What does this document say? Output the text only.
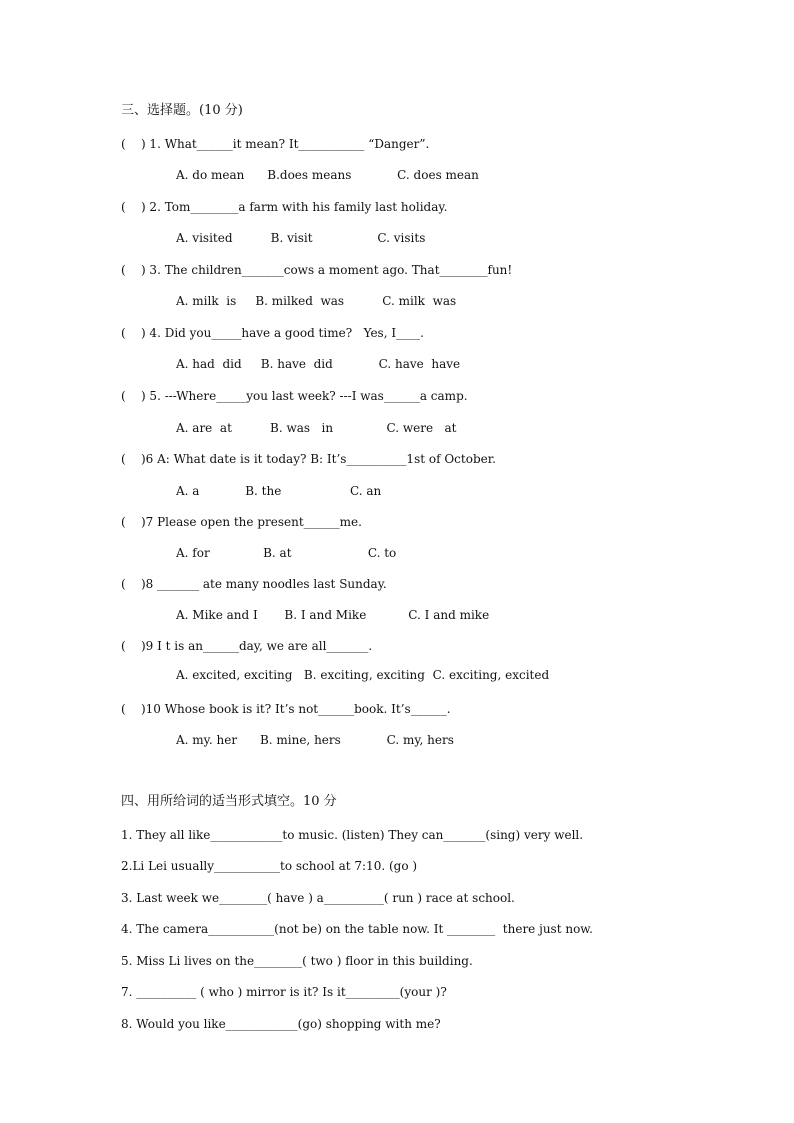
三、选择题。(10 分)
(    ) 1. What______it mean? It___________ “Danger”.
A. do mean      B.does means            C. does mean
(    ) 2. Tom________a farm with his family last holiday.
A. visited          B. visit                 C. visits
(    ) 3. The children_______cows a moment ago. That________fun!
A. milk  is     B. milked  was          C. milk  was
(    ) 4. Did you_____have a good time?   Yes, I____.
A. had  did     B. have  did            C. have  have
(    ) 5. ---Where_____you last week? ---I was______a camp.
A. are  at          B. was   in              C. were   at
(    )6 A: What date is it today? B: It’s__________1st of October.
A. a            B. the                  C. an
(    )7 Please open the present______me.
A. for              B. at                    C. to
(    )8 _______ ate many noodles last Sunday.
A. Mike and I       B. I and Mike           C. I and mike
(    )9 I t is an______day, we are all_______.
A. excited, exciting   B. exciting, exciting  C. exciting, excited
(    )10 Whose book is it? It’s not______book. It’s______.
A. my. her      B. mine, hers            C. my, hers
四、用所给词的适当形式填空。10 分
1. They all like____________to music. (listen) They can_______(sing) very well.
2.Li Lei usually___________to school at 7:10. (go )
3. Last week we________( have ) a__________( run ) race at school.
4. The camera___________(not be) on the table now. It ________  there just now.
5. Miss Li lives on the________( two ) floor in this building.
7. __________ ( who ) mirror is it? Is it_________(your )?
8. Would you like____________(go) shopping with me?
